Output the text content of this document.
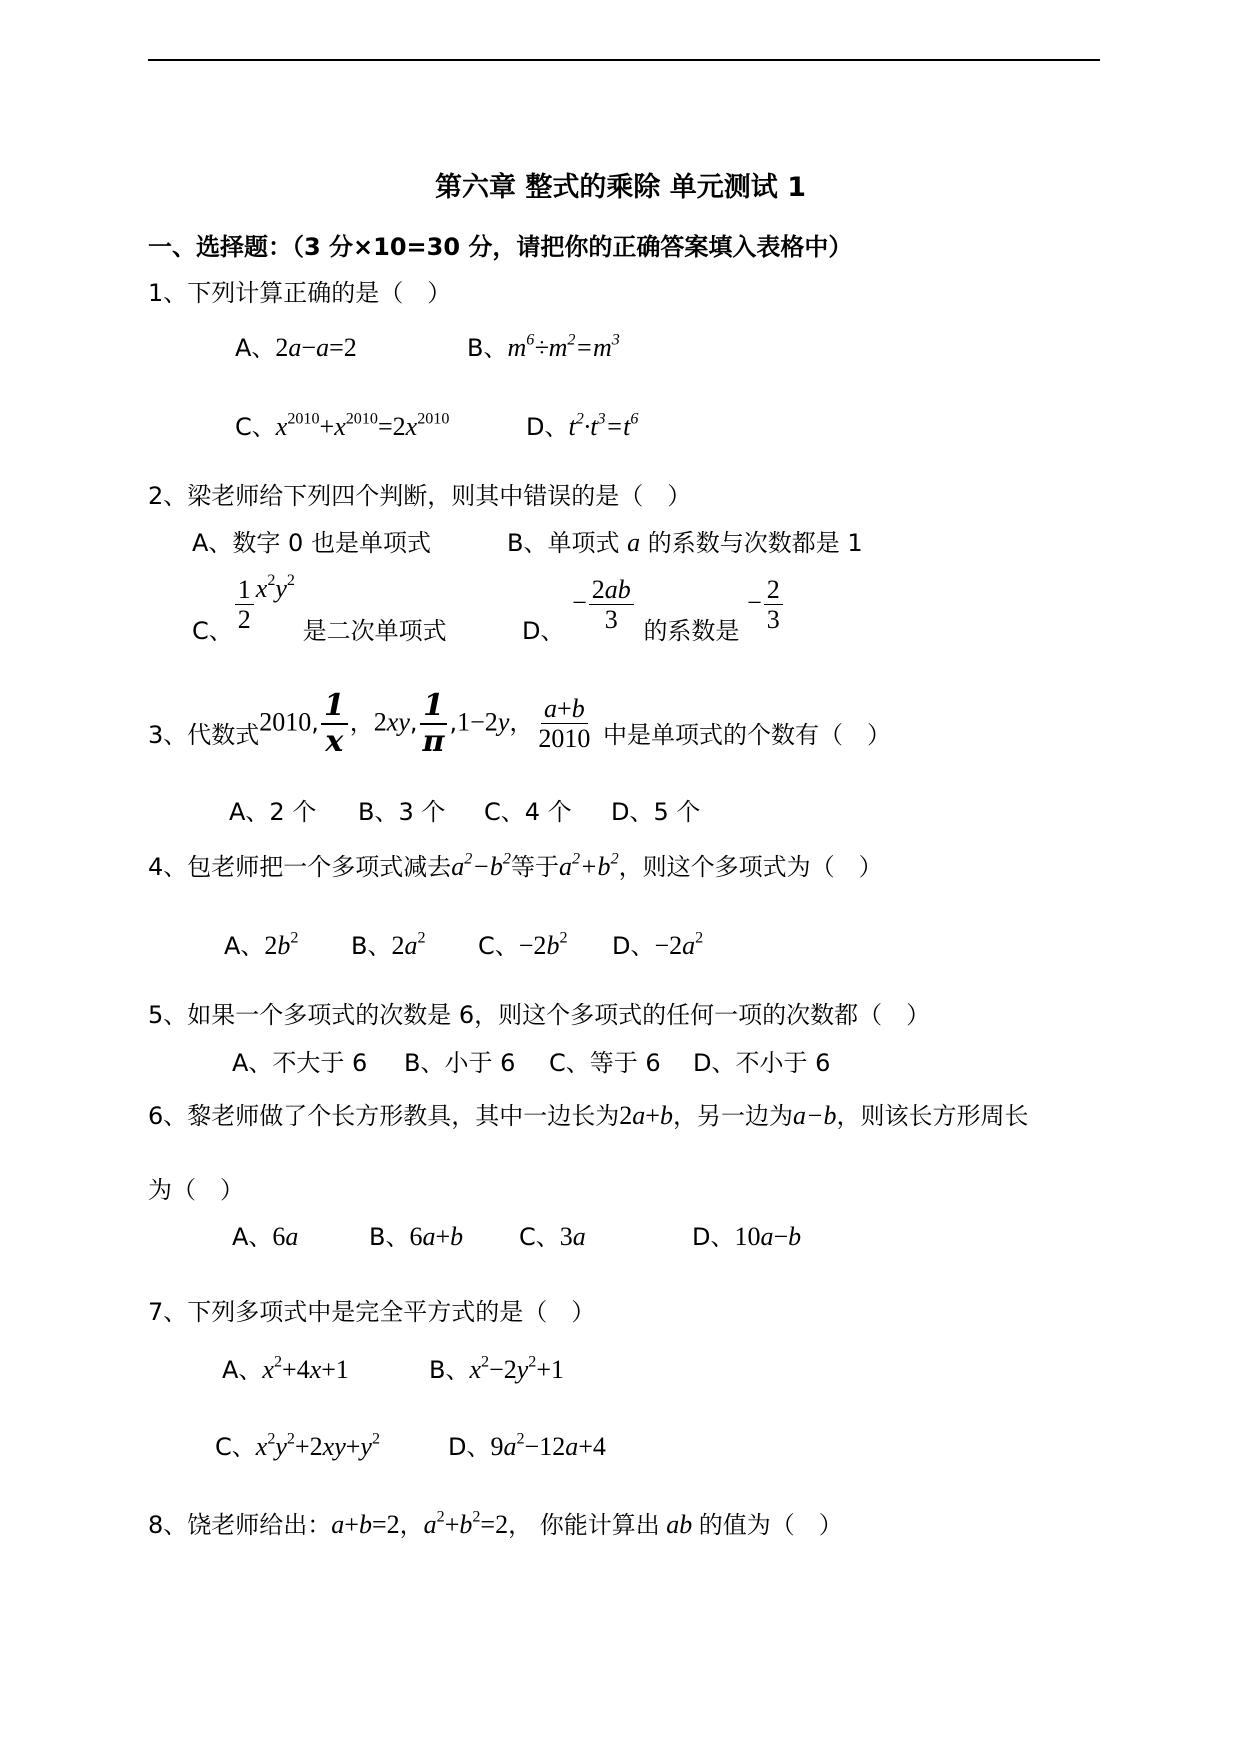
第六章 整式的乘除 单元测试 1
一、选择题：（3 分×10=30 分，请把你的正确答案填入表格中）
1、下列计算正确的是（　）
A、2a−a=2	B、$m^6\div m^2=m^3$
C、$x^{2010}+x^{2010}=2x^{2010}$	D、$t^2\cdot t^3=t^6$
2、梁老师给下列四个判断，则其中错误的是（　）
A、数字 0 也是单项式	B、单项式 a 的系数与次数都是 1
C、 $\frac{1}{2} x^2y^2$ 是二次单项式	D、 − $\frac{2ab}{3}$ 的系数是 − $\frac{2}{3}$
3、代数式2010, $\frac{1}{x}$ ，2xy, $\frac{1}{\pi} ,1-2y$， $\frac{a+b}{2010}$ 中是单项式的个数有（　）
A、2 个 B、3 个 C、4 个 D、5 个
4、包老师把一个多项式减去$a^2-b^2$等于$a^2+b^2$，则这个多项式为（　）
A、$2b^2$ B、$2a^2$ C、$-2b^2$ D、$-2a^2$
5、如果一个多项式的次数是 6，则这个多项式的任何一项的次数都（　）
A、不大于 6 B、小于 6 C、等于 6 D、不小于 6
6、黎老师做了个长方形教具，其中一边长为2a+b，另一边为a−b，则该长方形周长
为（　）
A、6a	B、6a+b C、3a	D、10a−b
7、下列多项式中是完全平方式的是（　）
A、$x^2+4x+1$	B、$x^2-2y^2+1$
C、$x^2y^2+2xy+y^2$	D、$9a^2-12a+4$
8、饶老师给出：a+b=2，$a^2+b^2=2$， 你能计算出 ab 的值为（　）
